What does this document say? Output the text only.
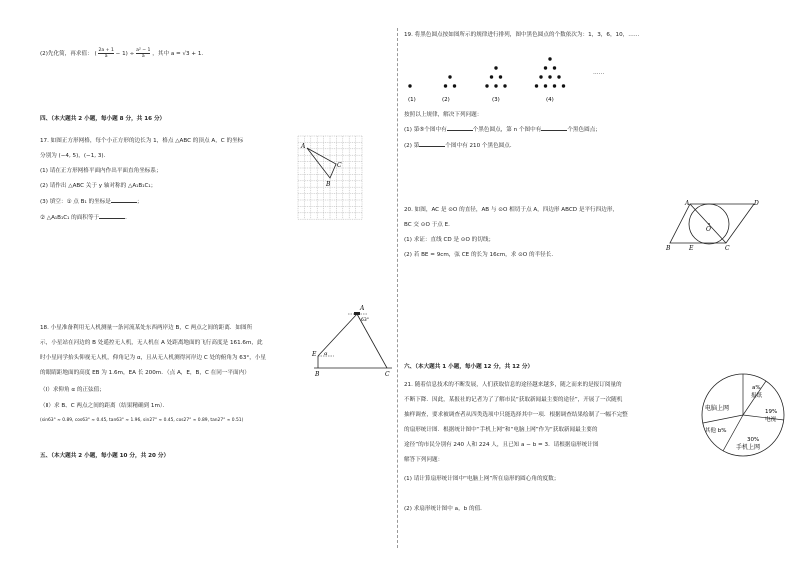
(2)先化简，再求值： ( $\frac{2a + 1}{a} - 1) \div \frac{\text{a² − 1}}{a}$ ，其中 a = √3 + 1．
四、（本大题共 2 小题，每小题 8 分，共 16 分）
17. 如图正方形网格，每个小正方形的边长为 1，格点 △ABC 的顶点 A，C 的坐标
分别为 (−4, 5)，(−1, 3)．
(1) 请在正方形网格平面内作出平面直角坐标系；
(2) 请作出 △ABC 关于 y 轴对称的 △A₁B₁C₁；
(3) 填空：① 点 B₁ 的坐标是	；
② △A₁B₁C₁ 的面积等于	．
A
B
C
18. 小星准备利用无人机测量一条河流某处东西两岸边 B，C 两点之间的距离．如图所
示，小星站在河边的 B 处遥控无人机，无人机在 A 处距离地面的飞行高度是 161.6m，此
时小星同学抬头仰视无人机，仰角记为 α，且从无人机测得河岸边 C 处的俯角为 63°，小星
的眼睛距地面的高度 EB 为 1.6m，EA 长 200m．（点 A，E，B，C 在同一平面内）
（Ⅰ）求仰角 α 的正弦值；
（Ⅱ）求 B、C 两点之间的距离（结果精确到 1m）．
(sin63° ≈ 0.89, cos63° ≈ 0.45, tan63° ≈ 1.96, sin27° ≈ 0.45, cos27° ≈ 0.89, tan27° ≈ 0.51)
A
E
B	C
α
63°
五、（本大题共 2 小题，每小题 10 分，共 20 分）
19. 将黑色圆点按如图所示的规律进行排列，图中黑色圆点的个数依次为：1，3，6，10，……
(1)	(2)	(3)	(4)
……
按照以上规律，解决下列问题：
(1) 第⑤个图中有	个黑色圆点，第 n 个图中有	个黑色圆点；
(2) 第	个图中有 210 个黑色圆点．
20. 如图，AC 是 ⊙O 的直径，AB 与 ⊙O 相切于点 A，四边形 ABCD 是平行四边形，
BC 交 ⊙O 于点 E．
(1) 求证：直线 CD 是 ⊙O 的切线；
(2) 若 BE = 9cm，弦 CE 的长为 16cm，求 ⊙O 的半径长．
A	D
O
B	E	C
六、（本大题共 1 小题，每小题 12 分，共 12 分）
21. 随着信息技术的不断发展，人们获取信息的途径越来越多，随之而来的是报订阅量的
不断下降．因此，某报社的记者为了了解市民“获取新闻最主要的途径”，开展了一次随机
抽样调查，要求被调查者从四类选项中只能选择其中一项．根据调查结果绘制了一幅不完整
的扇形统计图．根据统计图中“手机上网”和“电脑上网”作为“获取新闻最主要的
途径”的市民分别有 240 人和 224 人，且已知 a − b = 3．请根据扇形统计图
解答下列问题：
(1) 请计算扇形统计图中“电脑上网”所在扇形的圆心角的度数；
(2) 求扇形统计图中 a，b 的值．
a%
报纸
电脑上网	19%
电视
其他 b%
30%
手机上网
